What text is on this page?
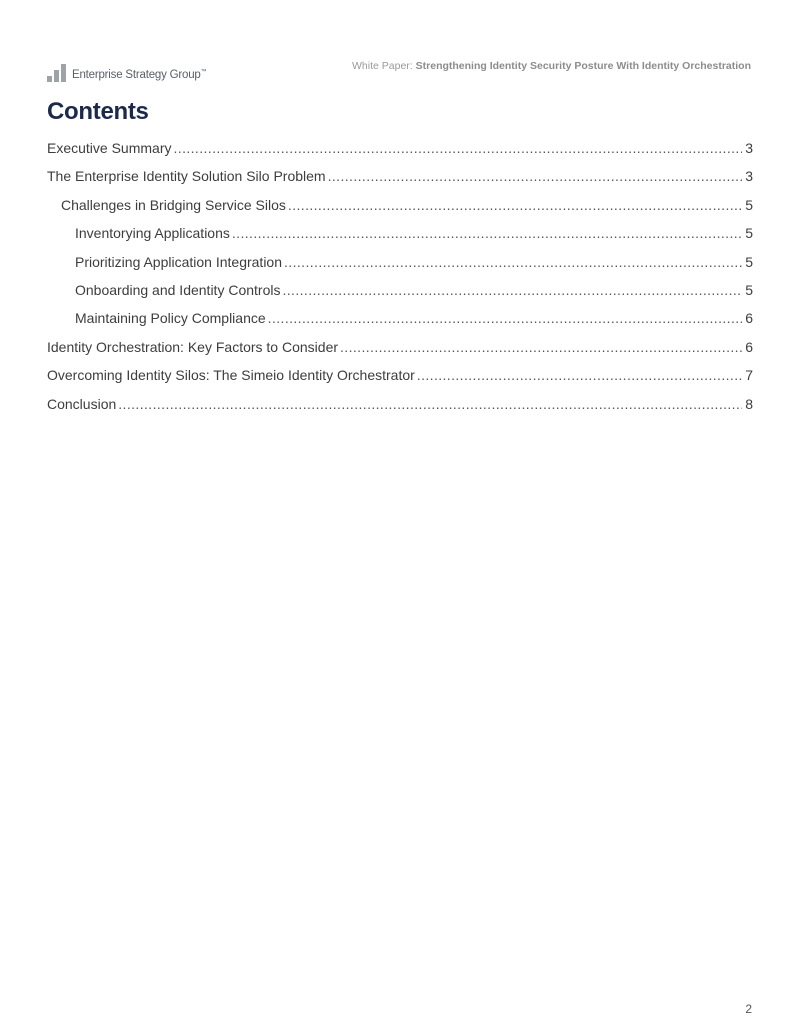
Enterprise Strategy Group™
White Paper: Strengthening Identity Security Posture With Identity Orchestration
Contents
Executive Summary .....	3
The Enterprise Identity Solution Silo Problem .....	3
Challenges in Bridging Service Silos .....	5
Inventorying Applications .....	5
Prioritizing Application Integration .....	5
Onboarding and Identity Controls .....	5
Maintaining Policy Compliance .....	6
Identity Orchestration: Key Factors to Consider .....	6
Overcoming Identity Silos: The Simeio Identity Orchestrator .....	7
Conclusion .....	8
2
